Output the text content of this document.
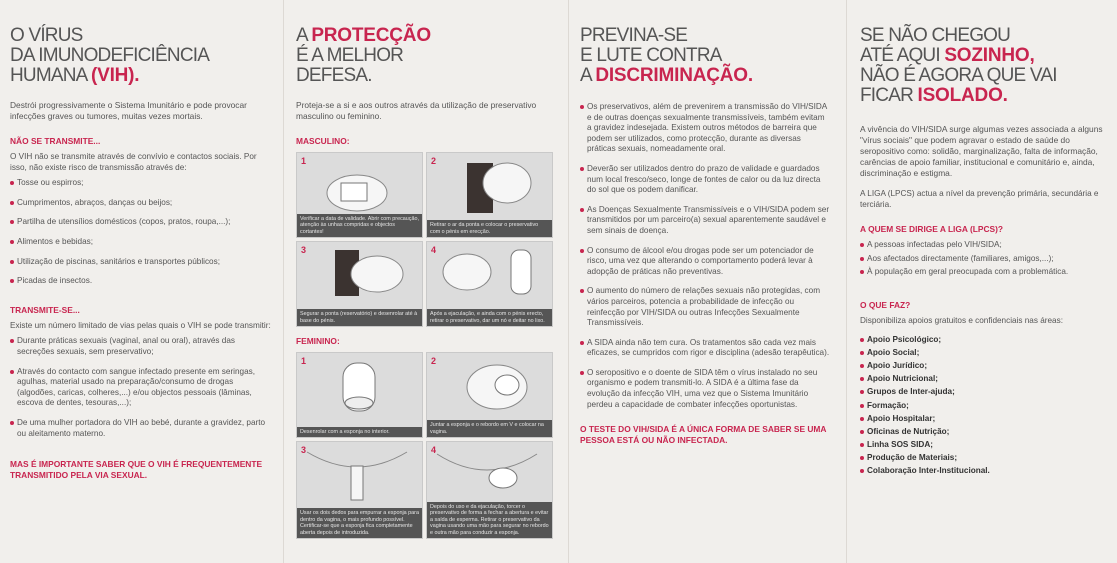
O VÍRUS
DA IMUNODEFICIÊNCIA
HUMANA (VIH).

Destrói progressivamente o Sistema Imunitário e pode provocar infecções graves ou tumores, muitas vezes mortais.

NÃO SE TRANSMITE...

O VIH não se transmite através de convívio e contactos sociais. Por isso, não existe risco de transmissão através de:

Tosse ou espirros;
Cumprimentos, abraços, danças ou beijos;
Partilha de utensílios domésticos (copos, pratos, roupa,...);
Alimentos e bebidas;
Utilização de piscinas, sanitários e transportes públicos;
Picadas de insectos.
TRANSMITE-SE...

Existe um número limitado de vias pelas quais o VIH se pode transmitir:

Durante práticas sexuais (vaginal, anal ou oral), através das secreções sexuais, sem preservativo;
Através do contacto com sangue infectado presente em seringas, agulhas, material usado na preparação/consumo de drogas (algodões, caricas, colheres,...) e/ou objectos pessoais (lâminas, escova de dentes, tesouras,...);
De uma mulher portadora do VIH ao bebé, durante a gravidez, parto ou aleitamento materno.
MAS É IMPORTANTE SABER QUE O VIH É FREQUENTEMENTE TRANSMITIDO PELA VIA SEXUAL.
A PROTECÇÃO
É A MELHOR
DEFESA.

Proteja-se a si e aos outros através da utilização de preservativo masculino ou feminino.

MASCULINO:
1
Verificar a data de validade. Abrir com precaução, atenção às unhas compridas e objectos cortantes!
2
Retirar o ar da ponta e colocar o preservativo com o pénis em erecção.
3
Segurar a ponta (reservatório) e desenrolar até à base do pénis.
4
Após a ejaculação, e ainda com o pénis erecto, retirar o preservativo, dar um nó e deitar no lixo.
FEMININO:
1
Desenrolar com a esponja no interior.
2
Juntar a esponja e o rebordo em V e colocar na vagina.
3
Usar os dois dedos para empurrar a esponja para dentro da vagina, o mais profundo possível. Certificar-se que a esponja fica completamente aberta depois de introduzida.
4
Depois do uso e da ejaculação, torcer o preservativo de forma a fechar a abertura e evitar a saída de esperma. Retirar o preservativo da vagina usando uma mão para segurar no rebordo e outra mão para conduzir a esponja.
PREVINA-SE
E LUTE CONTRA
A DISCRIMINAÇÃO.
Os preservativos, além de prevenirem a transmissão do VIH/SIDA e de outras doenças sexualmente transmissíveis, também evitam a gravidez indesejada. Existem outros métodos de barreira que podem ser utilizados, como protecção, durante as diversas práticas sexuais, nomeadamente oral.
Deverão ser utilizados dentro do prazo de validade e guardados num local fresco/seco, longe de fontes de calor ou da luz directa do sol que os podem danificar.
As Doenças Sexualmente Transmissíveis e o VIH/SIDA podem ser transmitidos por um parceiro(a) sexual aparentemente saudável e sem sinais de doença.
O consumo de álcool e/ou drogas pode ser um potenciador de risco, uma vez que alterando o comportamento poderá levar à adopção de práticas não preventivas.
O aumento do número de relações sexuais não protegidas, com vários parceiros, potencia a probabilidade de infecção ou reinfecção por VIH/SIDA ou outras Infecções Sexualmente Transmissíveis.
A SIDA ainda não tem cura. Os tratamentos são cada vez mais eficazes, se cumpridos com rigor e disciplina (adesão terapêutica).
O seropositivo e o doente de SIDA têm o vírus instalado no seu organismo e podem transmiti-lo. A SIDA é a última fase da evolução da infecção VIH, uma vez que o Sistema Imunitário perdeu a capacidade de combater infecções oportunistas.
O TESTE DO VIH/SIDA É A ÚNICA FORMA DE SABER SE UMA PESSOA ESTÁ OU NÃO INFECTADA.
SE NÃO CHEGOU
ATÉ AQUI SOZINHO,
NÃO É AGORA QUE VAI
FICAR ISOLADO.

A vivência do VIH/SIDA surge algumas vezes associada a alguns "vírus sociais" que podem agravar o estado de saúde do seropositivo como: solidão, marginalização, falta de informação, carências de apoio familiar, institucional e comunitário e, ainda, discriminação e estigma.

A LIGA (LPCS) actua a nível da prevenção primária, secundária e terciária.

A QUEM SE DIRIGE A LIGA (LPCS)?
A pessoas infectadas pelo VIH/SIDA;
Aos afectados directamente (familiares, amigos,...);
À população em geral preocupada com a problemática.
O QUE FAZ?

Disponibiliza apoios gratuitos e confidenciais nas áreas:

Apoio Psicológico;
Apoio Social;
Apoio Jurídico;
Apoio Nutricional;
Grupos de Inter-ajuda;
Formação;
Apoio Hospitalar;
Oficinas de Nutrição;
Linha SOS SIDA;
Produção de Materiais;
Colaboração Inter-Institucional.
